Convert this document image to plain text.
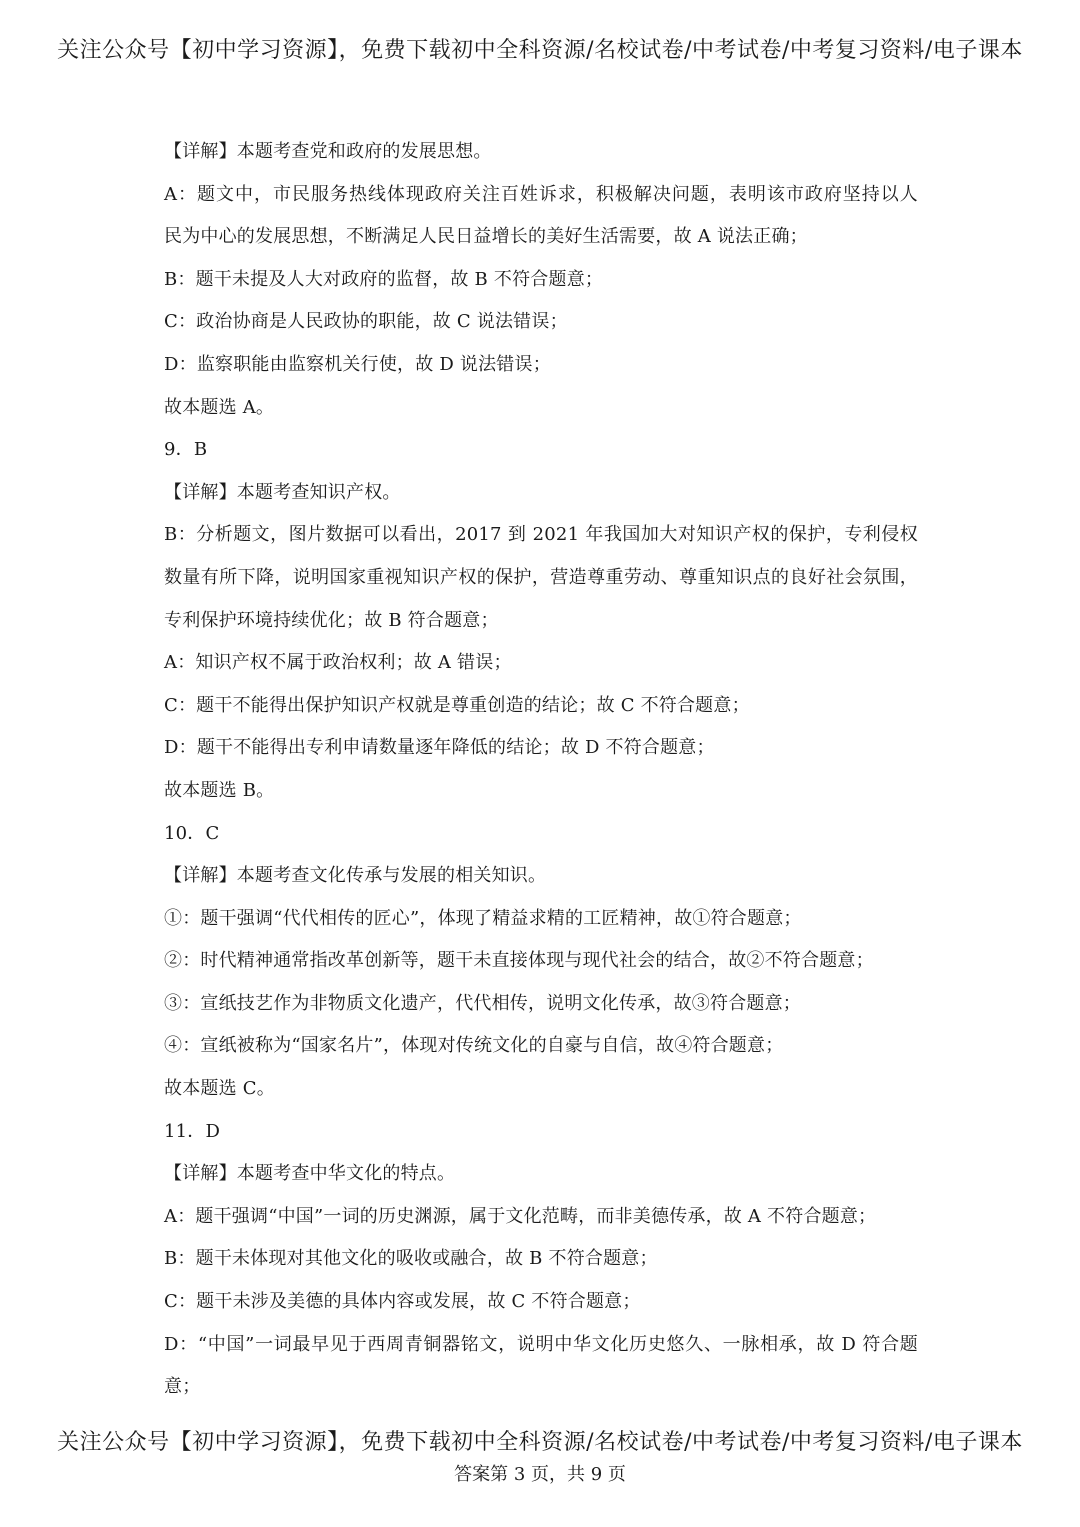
关注公众号【初中学习资源】，免费下载初中全科资源/名校试卷/中考试卷/中考复习资料/电子课本
【详解】本题考查党和政府的发展思想。
A：题文中，市民服务热线体现政府关注百姓诉求，积极解决问题，表明该市政府坚持以人
民为中心的发展思想，不断满足人民日益增长的美好生活需要，故 A 说法正确；
B：题干未提及人大对政府的监督，故 B 不符合题意；
C：政治协商是人民政协的职能，故 C 说法错误；
D：监察职能由监察机关行使，故 D 说法错误；
故本题选 A。
9．B
【详解】本题考查知识产权。
B：分析题文，图片数据可以看出，2017 到 2021 年我国加大对知识产权的保护，专利侵权
数量有所下降，说明国家重视知识产权的保护，营造尊重劳动、尊重知识点的良好社会氛围，
专利保护环境持续优化；故 B 符合题意；
A：知识产权不属于政治权利；故 A 错误；
C：题干不能得出保护知识产权就是尊重创造的结论；故 C 不符合题意；
D：题干不能得出专利申请数量逐年降低的结论；故 D 不符合题意；
故本题选 B。
10．C
【详解】本题考查文化传承与发展的相关知识。
①：题干强调“代代相传的匠心”，体现了精益求精的工匠精神，故①符合题意；
②：时代精神通常指改革创新等，题干未直接体现与现代社会的结合，故②不符合题意；
③：宣纸技艺作为非物质文化遗产，代代相传，说明文化传承，故③符合题意；
④：宣纸被称为“国家名片”，体现对传统文化的自豪与自信，故④符合题意；
故本题选 C。
11．D
【详解】本题考查中华文化的特点。
A：题干强调“中国”一词的历史渊源，属于文化范畴，而非美德传承，故 A 不符合题意；
B：题干未体现对其他文化的吸收或融合，故 B 不符合题意；
C：题干未涉及美德的具体内容或发展，故 C 不符合题意；
D：“中国”一词最早见于西周青铜器铭文，说明中华文化历史悠久、一脉相承，故 D 符合题
意；
关注公众号【初中学习资源】，免费下载初中全科资源/名校试卷/中考试卷/中考复习资料/电子课本
答案第 3 页，共 9 页
